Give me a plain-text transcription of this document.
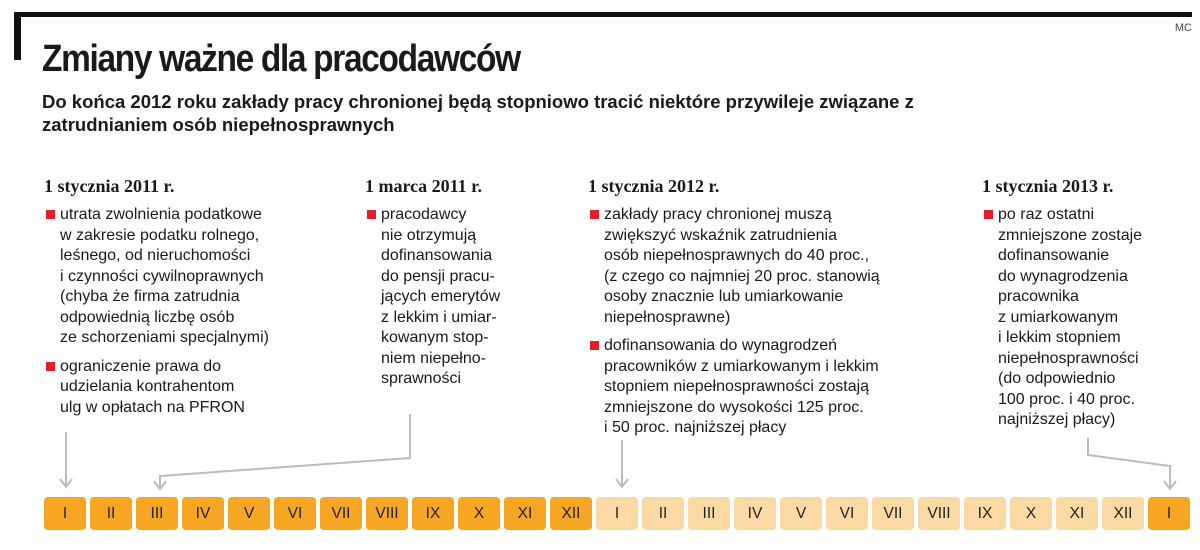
MC
Zmiany ważne dla pracodawców
Do końca 2012 roku zakłady pracy chronionej będą stopniowo tracić niektóre przywileje związane z zatrudnianiem osób niepełnosprawnych
1 stycznia 2011 r.
utrata zwolnienia podatkowe
w zakresie podatku rolnego,
leśnego, od nieruchomości
i czynności cywilnoprawnych
(chyba że firma zatrudnia
odpowiednią liczbę osób
ze schorzeniami specjalnymi)
ograniczenie prawa do
udzielania kontrahentom
ulg w opłatach na PFRON
1 marca 2011 r.
pracodawcy
nie otrzymują
dofinansowania
do pensji pracu-
jących emerytów
z lekkim i umiar-
kowanym stop-
niem niepełno-
sprawności
1 stycznia 2012 r.
zakłady pracy chronionej muszą
zwiększyć wskaźnik zatrudnienia
osób niepełnosprawnych do 40 proc.,
(z czego co najmniej 20 proc. stanowią
osoby znacznie lub umiarkowanie
niepełnosprawne)
dofinansowania do wynagrodzeń
pracowników z umiarkowanym i lekkim
stopniem niepełnosprawności zostają
zmniejszone do wysokości 125 proc.
i 50 proc. najniższej płacy
1 stycznia 2013 r.
po raz ostatni
zmniejszone zostaje
dofinansowanie
do wynagrodzenia
pracownika
z umiarkowanym
i lekkim stopniem
niepełnosprawności
(do odpowiednio
100 proc. i 40 proc.
najniższej płacy)
I	II	III	IV	V	VI	VII	VIII	IX	X	XI	XII	I	II	III	IV	V	VI	VII	VIII	IX	X	XI	XII	I
